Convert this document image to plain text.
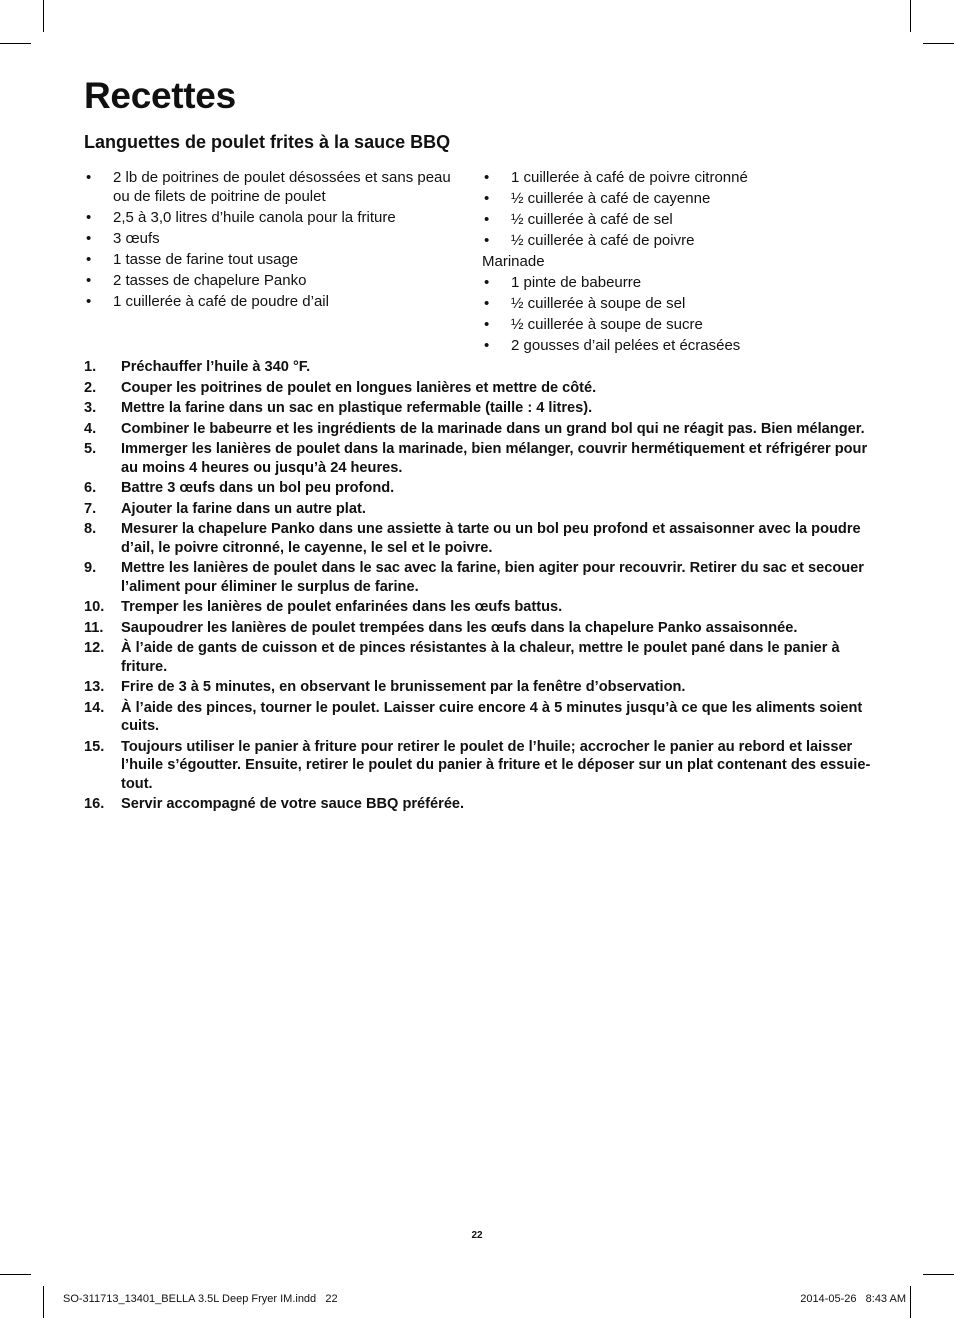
Recettes
Languettes de poulet frites à la sauce BBQ
• 2 lb de poitrines de poulet désossées et sans peau ou de filets de poitrine de poulet
• 2,5 à 3,0 litres d’huile canola pour la friture
• 3 œufs
• 1 tasse de farine tout usage
• 2 tasses de chapelure Panko
• 1 cuillerée à café de poudre d’ail
• 1 cuillerée à café de poivre citronné
• ½ cuillerée à café de cayenne
• ½ cuillerée à café de sel
• ½ cuillerée à café de poivre
Marinade
• 1 pinte de babeurre
• ½ cuillerée à soupe de sel
• ½ cuillerée à soupe de sucre
• 2 gousses d’ail pelées et écrasées
1. Préchauffer l’huile à 340 °F.
2. Couper les poitrines de poulet en longues lanières et mettre de côté.
3. Mettre la farine dans un sac en plastique refermable (taille : 4 litres).
4. Combiner le babeurre et les ingrédients de la marinade dans un grand bol qui ne réagit pas. Bien mélanger.
5. Immerger les lanières de poulet dans la marinade, bien mélanger, couvrir hermétiquement et réfrigérer pour au moins 4 heures ou jusqu’à 24 heures.
6. Battre 3 œufs dans un bol peu profond.
7. Ajouter la farine dans un autre plat.
8. Mesurer la chapelure Panko dans une assiette à tarte ou un bol peu profond et assaisonner avec la poudre d’ail, le poivre citronné, le cayenne, le sel et le poivre.
9. Mettre les lanières de poulet dans le sac avec la farine, bien agiter pour recouvrir. Retirer du sac et secouer l’aliment pour éliminer le surplus de farine.
10. Tremper les lanières de poulet enfarinées dans les œufs battus.
11. Saupoudrer les lanières de poulet trempées dans les œufs dans la chapelure Panko assaisonnée.
12. À l’aide de gants de cuisson et de pinces résistantes à la chaleur, mettre le poulet pané dans le panier à friture.
13. Frire de 3 à 5 minutes, en observant le brunissement par la fenêtre d’observation.
14. À l’aide des pinces, tourner le poulet. Laisser cuire encore 4 à 5 minutes jusqu’à ce que les aliments soient cuits.
15. Toujours utiliser le panier à friture pour retirer le poulet de l’huile; accrocher le panier au rebord et laisser l’huile s’égoutter. Ensuite, retirer le poulet du panier à friture et le déposer sur un plat contenant des essuie-tout.
16. Servir accompagné de votre sauce BBQ préférée.
22
SO-311713_13401_BELLA 3.5L Deep Fryer IM.indd   22	2014-05-26   8:43 AM
